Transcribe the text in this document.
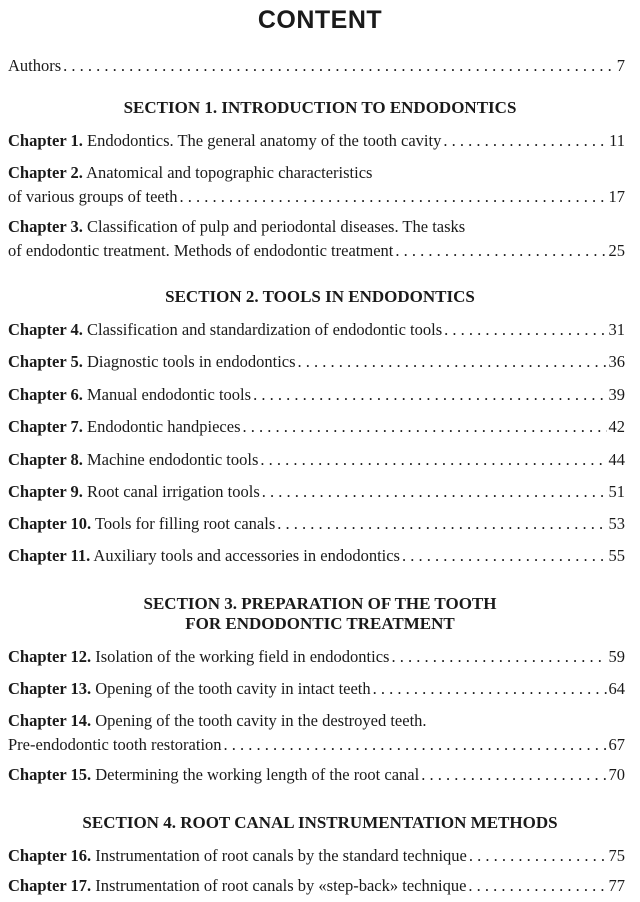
CONTENT
Authors . . .	7
SECTION 1. INTRODUCTION TO ENDODONTICS
Chapter 1. Endodontics. The general anatomy of the tooth cavity . . .	11
Chapter 2. Anatomical and topographic characteristics
of various groups of teeth . . .	17
Chapter 3. Classification of pulp and periodontal diseases. The tasks
of endodontic treatment. Methods of endodontic treatment . . .	25
SECTION 2. TOOLS IN ENDODONTICS
Chapter 4. Classification and standardization of endodontic tools . . .	31
Chapter 5. Diagnostic tools in endodontics . . .	36
Chapter 6. Manual endodontic tools . . .	39
Chapter 7. Endodontic handpieces . . .	42
Chapter 8. Machine endodontic tools . . .	44
Chapter 9. Root canal irrigation tools . . .	51
Chapter 10. Tools for filling root canals . . .	53
Chapter 11. Auxiliary tools and accessories in endodontics . . .	55
SECTION 3. PREPARATION OF THE TOOTH
FOR ENDODONTIC TREATMENT
Chapter 12. Isolation of the working field in endodontics . . .	59
Chapter 13. Opening of the tooth cavity in intact teeth . . .	64
Chapter 14. Opening of the tooth cavity in the destroyed teeth.
Pre-endodontic tooth restoration . . .	67
Chapter 15. Determining the working length of the root canal . . .	70
SECTION 4. ROOT CANAL INSTRUMENTATION METHODS
Chapter 16. Instrumentation of root canals by the standard technique . . .	75
Chapter 17. Instrumentation of root canals by «step-back» technique . . .	77
